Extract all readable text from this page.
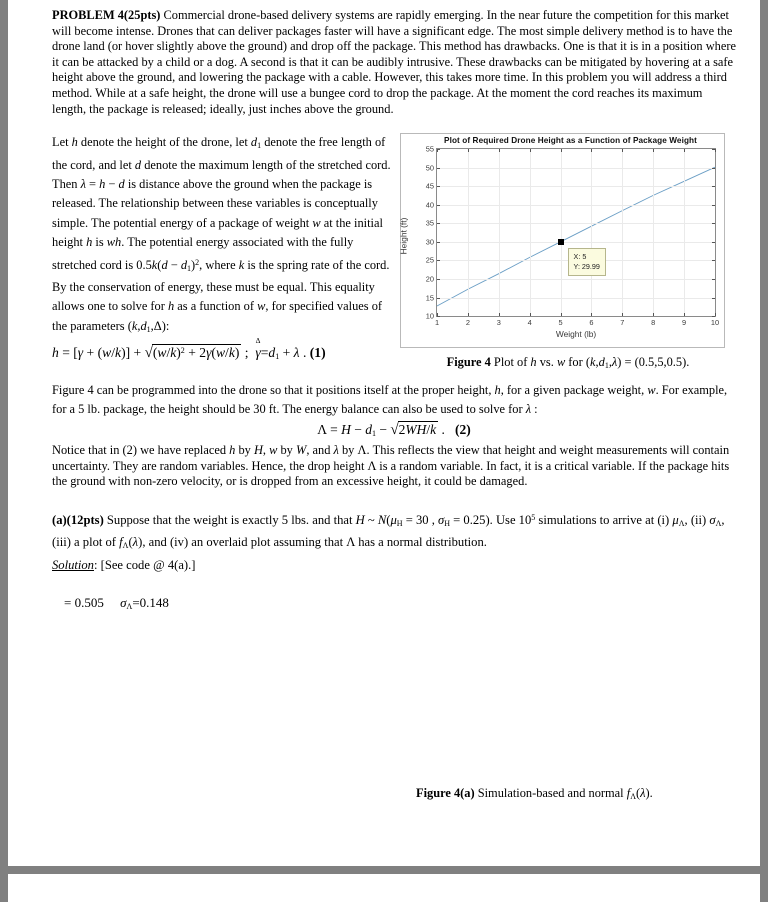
PROBLEM 4(25pts) Commercial drone-based delivery systems are rapidly emerging. In the near future the competition for this market will become intense. Drones that can deliver packages faster will have a significant edge. The most simple delivery method is to have the drone land (or hover slightly above the ground) and drop off the package. This method has drawbacks. One is that it is in a position where it can be attacked by a child or a dog. A second is that it can be audibly intrusive. These drawbacks can be mitigated by hovering at a safe height above the ground, and lowering the package with a cable. However, this takes more time. In this problem you will address a third method. While at a safe height, the drone will use a bungee cord to drop the package. At the moment the cord reaches its maximum length, the package is released; ideally, just inches above the ground.

Let h denote the height of the drone, let $d_1$ denote the free length of the cord, and let d denote the maximum length of the stretched cord. Then λ = h − d is distance above the ground when the package is released. The relationship between these variables is conceptually simple. The potential energy of a package of weight w at the initial height h is wh. The potential energy associated with the fully stretched cord is $0.5k(d - d_1)^2$, where k is the spring rate of the cord. By the conservation of energy, these must be equal. This equality allows one to solve for h as a function of w, for specified values of the parameters $(k,d_1,\Delta)$:

Plot of Required Drone Height as a Function of Package Weight
Height (ft)
Weight (lb)
1	2	3	4	5	6	7	8	9	10
10
15
20
25
30
35
40
45
50
55
X: 5
Y: 29.99
Figure 4 Plot of h vs. w for $(k,d_1,\lambda) = (0.5,5,0.5)$.
$h = [\gamma + (w/k)] + √(w/k)^2 + 2\gamma(w/k)$ ;
Δ
$\gamma=d_1 + \lambda$ . (1)

Figure 4 can be programmed into the drone so that it positions itself at the proper height, h, for a given package weight, w. For example, for a 5 lb. package, the height should be 30 ft. The energy balance can also be used to solve for λ :

$\Lambda = H - d_1 - √2WH/k$ .   (2)

Notice that in (2) we have replaced h by H, w by W, and λ by Λ. This reflects the view that height and weight measurements will contain uncertainty. They are random variables. Hence, the drop height Λ is a random variable. In fact, it is a critical variable. If the package hits the ground with non-zero velocity, or is dropped from an excessive height, it could be damaged.

(a)(12pts) Suppose that the weight is exactly 5 lbs. and that H ~ $N(\mu_H = 30$ , $\sigma_H = 0.25$). Use $10^5$ simulations to arrive at (i) $\mu_\Lambda$, (ii) $\sigma_\Lambda$, (iii) a plot of $f_\Lambda(\lambda)$, and (iv) an overlaid plot assuming that Λ has a normal distribution.

Solution: [See code @ 4(a).]

= 0.505 $\sigma_\Lambda=0.148$
Figure 4(a) Simulation-based and normal $f_\Lambda(\lambda)$.
